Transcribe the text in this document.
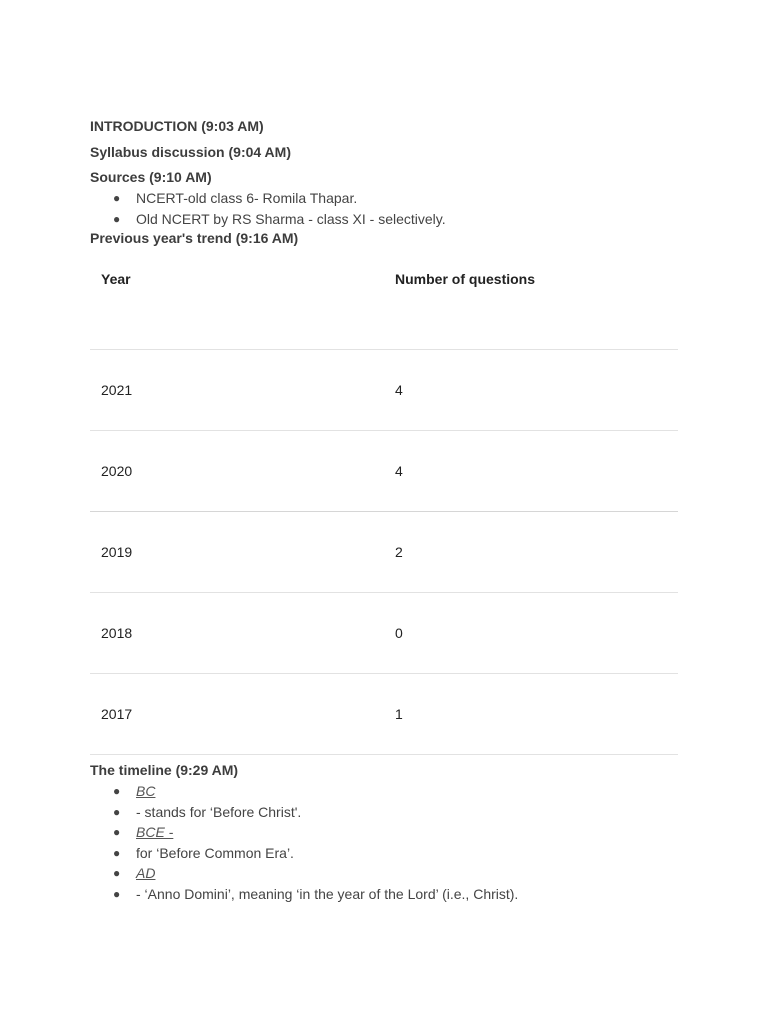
INTRODUCTION (9:03 AM)

Syllabus discussion (9:04 AM)

Sources (9:10 AM)

● NCERT-old class 6- Romila Thapar.
● Old NCERT by RS Sharma - class XI - selectively.

Previous year's trend (9:16 AM)

Year	Number of questions
2021	4
2020	4
2019	2
2018	0
2017	1

The timeline (9:29 AM)

● BC
● - stands for ‘Before Christ'.
● BCE -
● for ‘Before Common Era’.
● AD
● - ‘Anno Domini’, meaning ‘in the year of the Lord’ (i.e., Christ).
